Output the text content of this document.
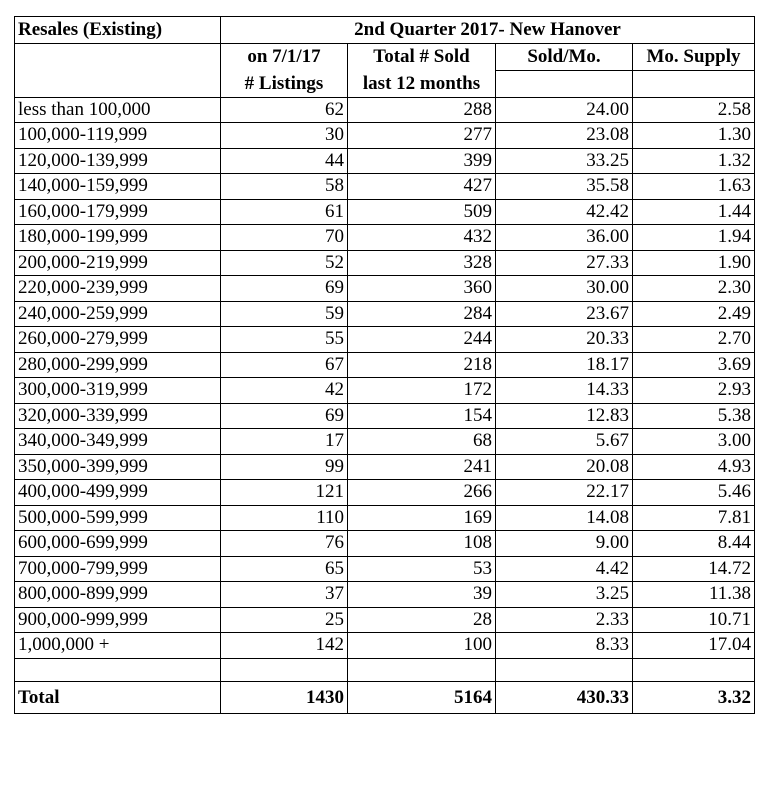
Resales (Existing)	2nd Quarter 2017- New Hanover			
	on 7/1/17	Total # Sold	Sold/Mo.	Mo. Supply
	# Listings	last 12 months		
less than 100,000	62	288	24.00	2.58
100,000-119,999	30	277	23.08	1.30
120,000-139,999	44	399	33.25	1.32
140,000-159,999	58	427	35.58	1.63
160,000-179,999	61	509	42.42	1.44
180,000-199,999	70	432	36.00	1.94
200,000-219,999	52	328	27.33	1.90
220,000-239,999	69	360	30.00	2.30
240,000-259,999	59	284	23.67	2.49
260,000-279,999	55	244	20.33	2.70
280,000-299,999	67	218	18.17	3.69
300,000-319,999	42	172	14.33	2.93
320,000-339,999	69	154	12.83	5.38
340,000-349,999	17	68	5.67	3.00
350,000-399,999	99	241	20.08	4.93
400,000-499,999	121	266	22.17	5.46
500,000-599,999	110	169	14.08	7.81
600,000-699,999	76	108	9.00	8.44
700,000-799,999	65	53	4.42	14.72
800,000-899,999	37	39	3.25	11.38
900,000-999,999	25	28	2.33	10.71
1,000,000 +	142	100	8.33	17.04

Total	1430	5164	430.33	3.32
